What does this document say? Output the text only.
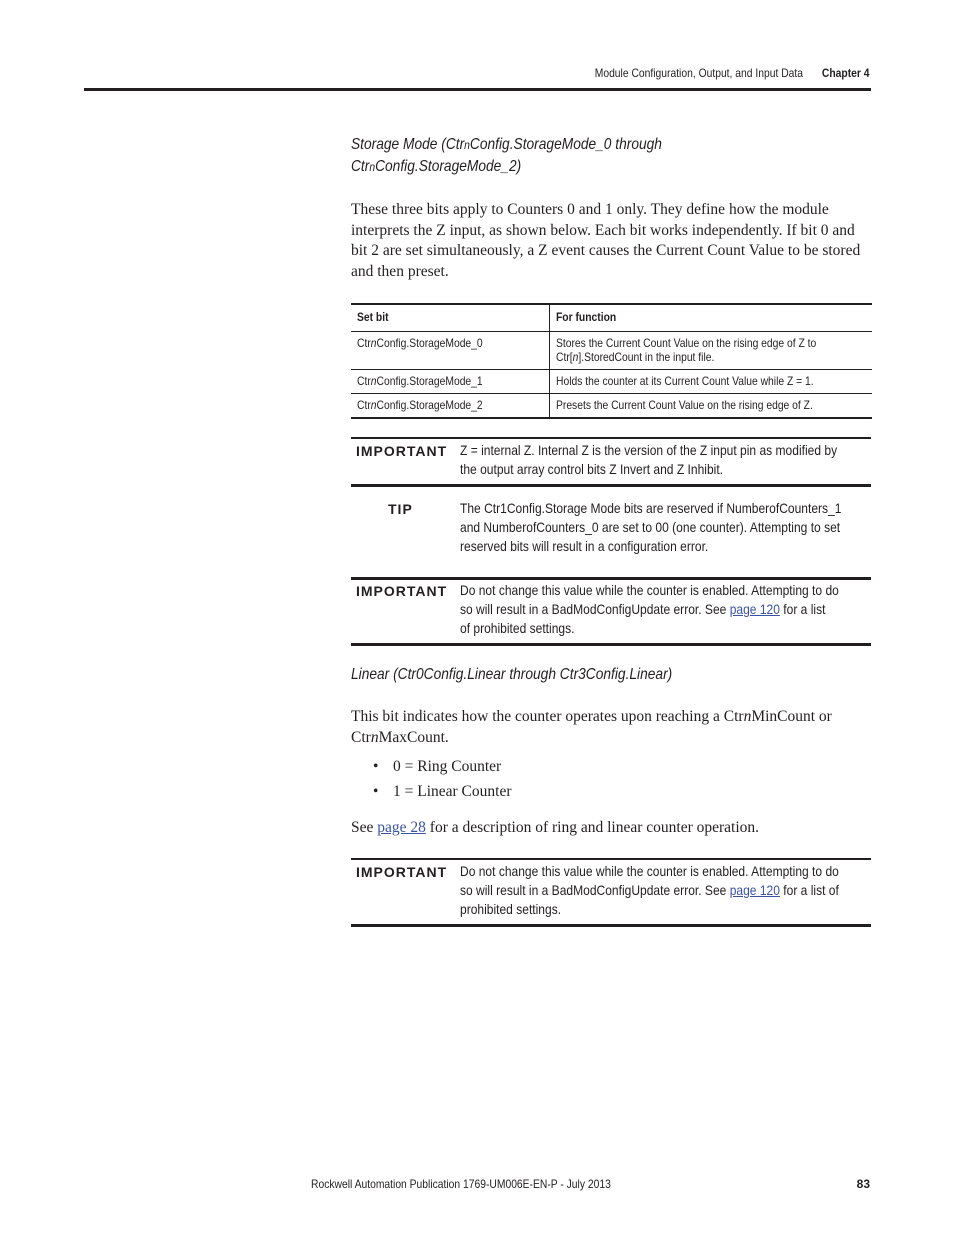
Module Configuration, Output, and Input Data Chapter 4
Storage Mode (CtrnConfig.StorageMode_0 through
CtrnConfig.StorageMode_2)

These three bits apply to Counters 0 and 1 only. They define how the module interprets the Z input, as shown below. Each bit works independently. If bit 0 and bit 2 are set simultaneously, a Z event causes the Current Count Value to be stored and then preset.

Set bit	For function
CtrnConfig.StorageMode_0	Stores the Current Count Value on the rising edge of Z to
Ctr[n].StoredCount in the input file.
CtrnConfig.StorageMode_1	Holds the counter at its Current Count Value while Z = 1.
CtrnConfig.StorageMode_2	Presets the Current Count Value on the rising edge of Z.
IMPORTANT Z = internal Z. Internal Z is the version of the Z input pin as modified by
the output array control bits Z Invert and Z Inhibit.
TIP	The Ctr1Config.Storage Mode bits are reserved if NumberofCounters_1
and NumberofCounters_0 are set to 00 (one counter). Attempting to set
reserved bits will result in a configuration error.
IMPORTANT Do not change this value while the counter is enabled. Attempting to do
so will result in a BadModConfigUpdate error. See page 120 for a list
of prohibited settings.
Linear (Ctr0Config.Linear through Ctr3Config.Linear)

This bit indicates how the counter operates upon reaching a CtrnMinCount or
CtrnMaxCount.

• 0 = Ring Counter
• 1 = Linear Counter

See page 28 for a description of ring and linear counter operation.

IMPORTANT Do not change this value while the counter is enabled. Attempting to do
so will result in a BadModConfigUpdate error. See page 120 for a list of
prohibited settings.
Rockwell Automation Publication 1769-UM006E-EN-P - July 2013	83
